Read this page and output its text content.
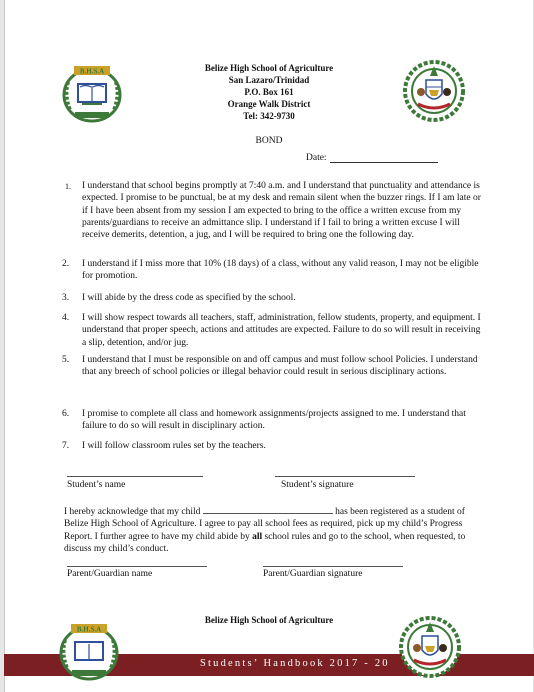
B.H.S.A	Belize High School of Agriculture
San Lazaro/Trinidad
P.O. Box 161
Orange Walk District
Tel: 342-9730
BOND
Date:
1. I understand that school begins promptly at 7:40 a.m. and I understand that punctuality and attendance is expected. I promise to be punctual, be at my desk and remain silent when the buzzer rings. If I am late or if I have been absent from my session I am expected to bring to the office a written excuse from my parents/guardians to receive an admittance slip. I understand if I fail to bring a written excuse I will receive demerits, detention, a jug, and I will be required to bring one the following day.
2. I understand if I miss more that 10% (18 days) of a class, without any valid reason, I may not be eligible for promotion.
3. I will abide by the dress code as specified by the school.
4. I will show respect towards all teachers, staff, administration, fellow students, property, and equipment. I understand that proper speech, actions and attitudes are expected. Failure to do so will result in receiving a slip, detention, and/or jug.
5. I understand that I must be responsible on and off campus and must follow school Policies. I understand that any breech of school policies or illegal behavior could result in serious disciplinary actions.
6. I promise to complete all class and homework assignments/projects assigned to me. I understand that failure to do so will result in disciplinary action.
7. I will follow classroom rules set by the teachers.
Student’s name	Student’s signature
I hereby acknowledge that my child	has been registered as a student of Belize High School of Agriculture. I agree to pay all school fees as required, pick up my child’s Progress Report. I further agree to have my child abide by all school rules and go to the school, when requested, to discuss my child’s conduct.
Parent/Guardian name	Parent/Guardian signature
Belize High School of Agriculture
Students’ Handbook 2017 - 20
B.H.S.A
